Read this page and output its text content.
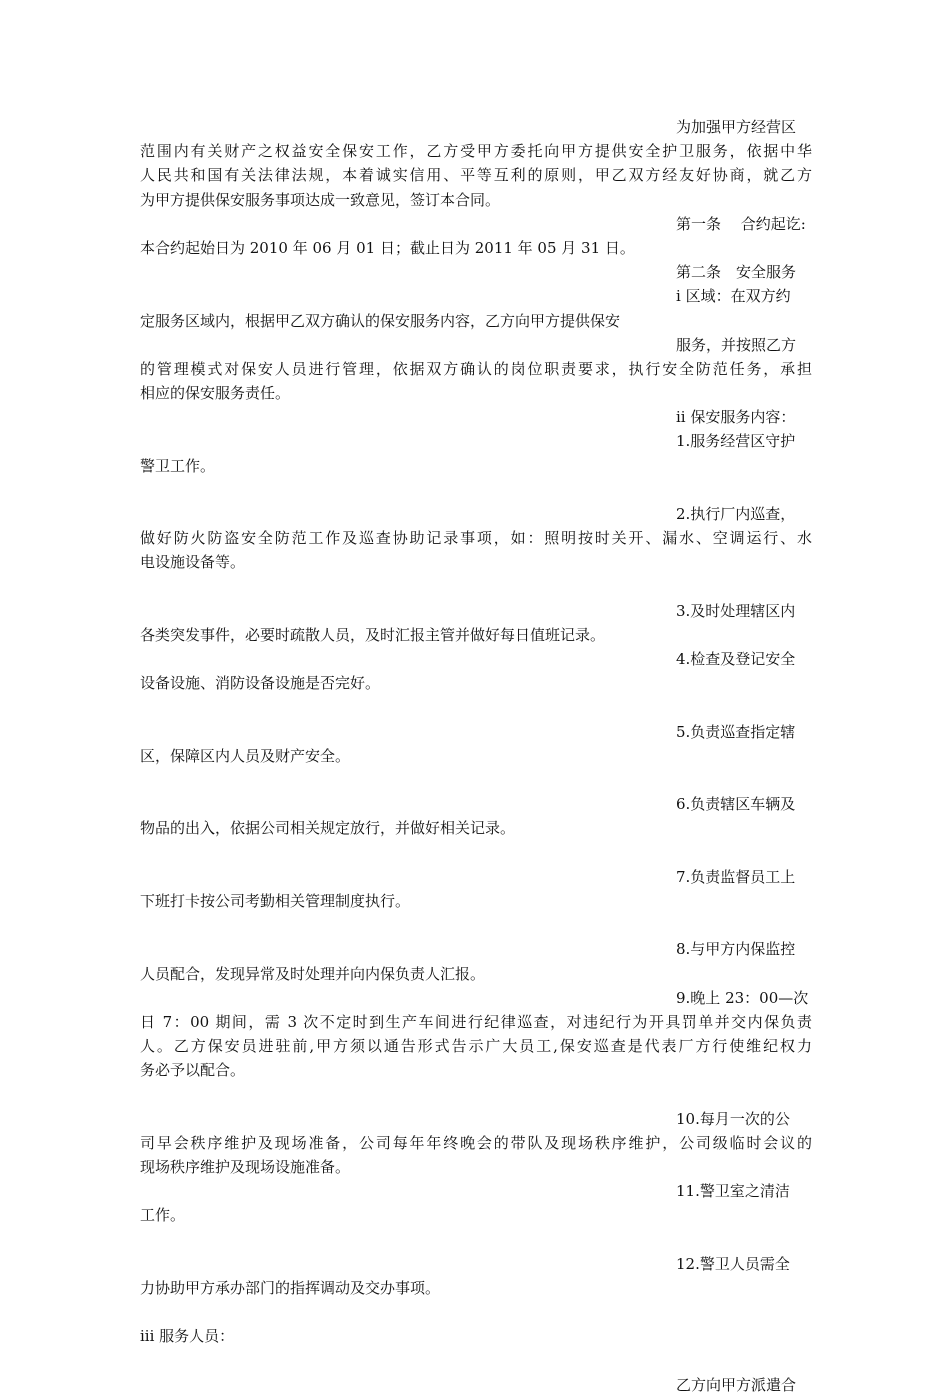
为加强甲方经营区
范围内有关财产之权益安全保安工作，乙方受甲方委托向甲方提供安全护卫服务，依据中华
人民共和国有关法律法规，本着诚实信用、平等互利的原则，甲乙双方经友好协商，就乙方
为甲方提供保安服务事项达成一致意见，签订本合同。
第一条　 合约起讫:
本合约起始日为 2010 年 06 月 01 日；截止日为 2011 年 05 月 31 日。
第二条　安全服务
i 区域：在双方约
定服务区域内，根据甲乙双方确认的保安服务内容，乙方向甲方提供保安
服务，并按照乙方
的管理模式对保安人员进行管理，依据双方确认的岗位职责要求，执行安全防范任务，承担
相应的保安服务责任。
ii 保安服务内容：
1.服务经营区守护
警卫工作。
2.执行厂内巡查，
做好防火防盗安全防范工作及巡查协助记录事项，如：照明按时关开、漏水、空调运行、水
电设施设备等。
3.及时处理辖区内
各类突发事件，必要时疏散人员，及时汇报主管并做好每日值班记录。
4.检查及登记安全
设备设施、消防设备设施是否完好。
5.负责巡查指定辖
区，保障区内人员及财产安全。
6.负责辖区车辆及
物品的出入，依据公司相关规定放行，并做好相关记录。
7.负责监督员工上
下班打卡按公司考勤相关管理制度执行。
8.与甲方内保监控
人员配合，发现异常及时处理并向内保负责人汇报。
9.晚上 23：00—次
日 7：00 期间，需 3 次不定时到生产车间进行纪律巡查，对违纪行为开具罚单并交内保负责
人。乙方保安员进驻前,甲方须以通告形式告示广大员工,保安巡查是代表厂方行使维纪权力
务必予以配合。
10.每月一次的公
司早会秩序维护及现场准备，公司每年年终晚会的带队及现场秩序维护，公司级临时会议的
现场秩序维护及现场设施准备。
11.警卫室之清洁
工作。
12.警卫人员需全
力协助甲方承办部门的指挥调动及交办事项。
iii 服务人员：
乙方向甲方派遣合
